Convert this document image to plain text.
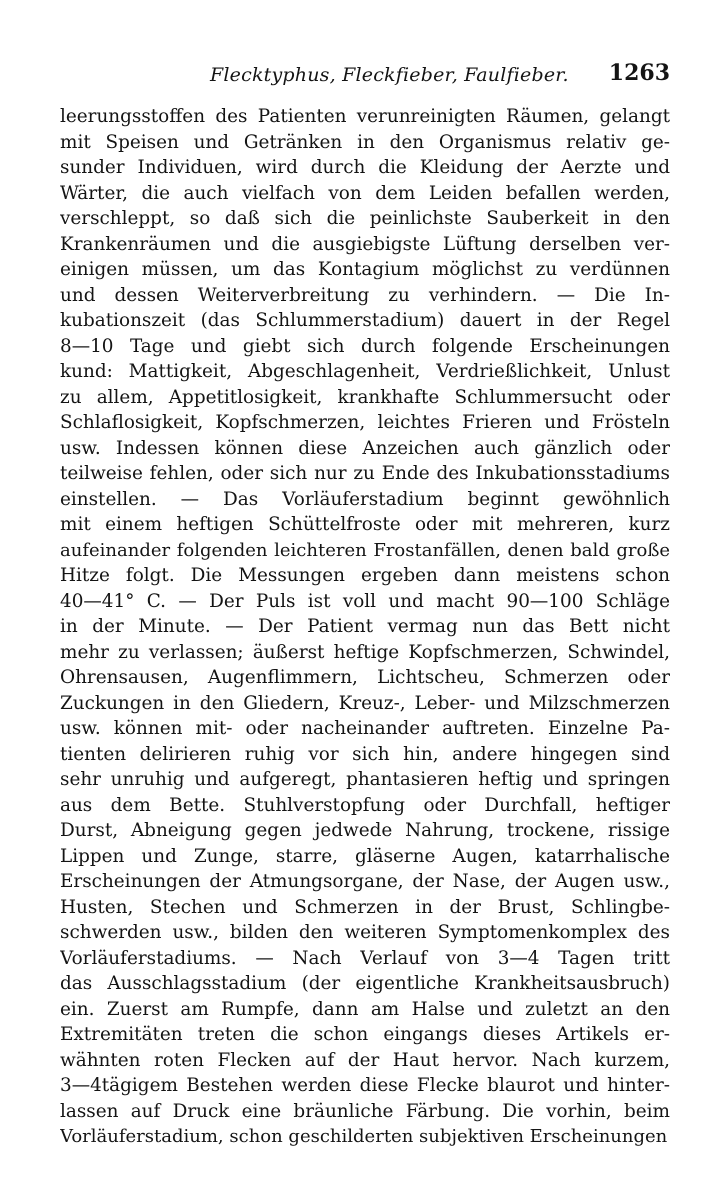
Flecktyphus, Fleckfieber, Faulfieber. 1263
leerungsstoffen des Patienten verunreinigten Räumen, gelangt
mit Speisen und Getränken in den Organismus relativ ge-
sunder Individuen, wird durch die Kleidung der Aerzte und
Wärter, die auch vielfach von dem Leiden befallen werden,
verschleppt, so daß sich die peinlichste Sauberkeit in den
Krankenräumen und die ausgiebigste Lüftung derselben ver-
einigen müssen, um das Kontagium möglichst zu verdünnen
und dessen Weiterverbreitung zu verhindern. — Die In-
kubationszeit (das Schlummerstadium) dauert in der Regel
8—10 Tage und giebt sich durch folgende Erscheinungen
kund: Mattigkeit, Abgeschlagenheit, Verdrießlichkeit, Unlust
zu allem, Appetitlosigkeit, krankhafte Schlummersucht oder
Schlaflosigkeit, Kopfschmerzen, leichtes Frieren und Frösteln
usw. Indessen können diese Anzeichen auch gänzlich oder
teilweise fehlen, oder sich nur zu Ende des Inkubationsstadiums
einstellen. — Das Vorläuferstadium beginnt gewöhnlich
mit einem heftigen Schüttelfroste oder mit mehreren, kurz
aufeinander folgenden leichteren Frostanfällen, denen bald große
Hitze folgt. Die Messungen ergeben dann meistens schon
40—41° C. — Der Puls ist voll und macht 90—100 Schläge
in der Minute. — Der Patient vermag nun das Bett nicht
mehr zu verlassen; äußerst heftige Kopfschmerzen, Schwindel,
Ohrensausen, Augenflimmern, Lichtscheu, Schmerzen oder
Zuckungen in den Gliedern, Kreuz-, Leber- und Milzschmerzen
usw. können mit- oder nacheinander auftreten. Einzelne Pa-
tienten delirieren ruhig vor sich hin, andere hingegen sind
sehr unruhig und aufgeregt, phantasieren heftig und springen
aus dem Bette. Stuhlverstopfung oder Durchfall, heftiger
Durst, Abneigung gegen jedwede Nahrung, trockene, rissige
Lippen und Zunge, starre, gläserne Augen, katarrhalische
Erscheinungen der Atmungsorgane, der Nase, der Augen usw.,
Husten, Stechen und Schmerzen in der Brust, Schlingbe-
schwerden usw., bilden den weiteren Symptomenkomplex des
Vorläuferstadiums. — Nach Verlauf von 3—4 Tagen tritt
das Ausschlagsstadium (der eigentliche Krankheitsausbruch)
ein. Zuerst am Rumpfe, dann am Halse und zuletzt an den
Extremitäten treten die schon eingangs dieses Artikels er-
wähnten roten Flecken auf der Haut hervor. Nach kurzem,
3—4tägigem Bestehen werden diese Flecke blaurot und hinter-
lassen auf Druck eine bräunliche Färbung. Die vorhin, beim
Vorläuferstadium, schon geschilderten subjektiven Erscheinungen
